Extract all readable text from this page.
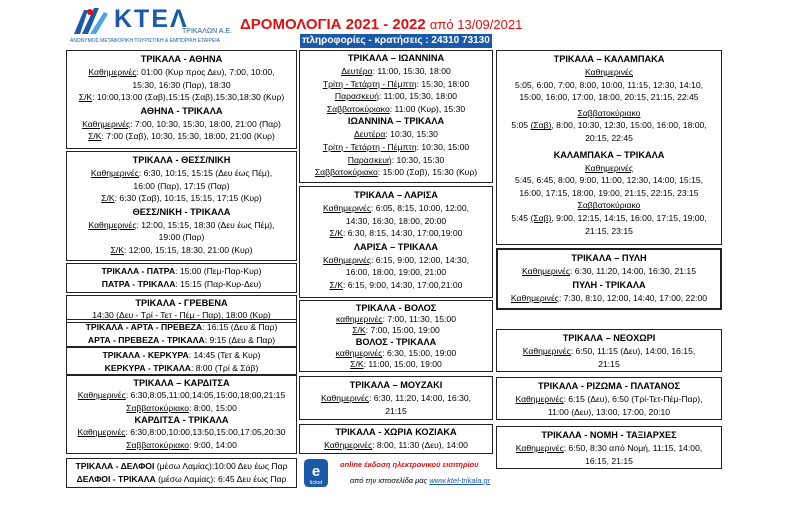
ΚΤΕΛ
ΤΡΙΚΑΛΩΝ Α.Ε.
ΑΝΩΝΥΜΟΣ ΜΕΤΑΦΟΡΙΚΗ ΤΟΥΡΙΣΤΙΚΗ & ΕΜΠΟΡΙΚΗ ΕΤΑΙΡΕΙΑ
ΔΡΟΜΟΛΟΓΙΑ 2021 - 2022 από 13/09/2021
πληροφορίες - κρατήσεις : 24310 73130
ΤΡΙΚΑΛΑ - ΑΘΗΝΑ
Καθημερινές: 01:00 (Κυρ προς Δευ), 7:00, 10:00,
15:30, 16:30 (Παρ), 18:30
Σ/Κ: 10:00,13:00 (Σαβ),15:15 (Σαβ),15:30,18:30 (Κυρ)
ΑΘΗΝΑ - ΤΡΙΚΑΛΑ
Καθημερινές: 7:00, 10:30, 15:30, 18:00, 21:00 (Παρ)
Σ/Κ: 7:00 (Σαβ), 10:30, 15:30, 18:00, 21:00 (Κυρ)
ΤΡΙΚΑΛΑ - ΘΕΣΣ/ΝΙΚΗ
Καθημερινές: 6:30, 10:15, 15:15 (Δευ έως Πέμ),
16:00 (Παρ), 17:15 (Παρ)
Σ/Κ: 6:30 (Σαβ), 10:15, 15:15, 17:15 (Κυρ)
ΘΕΣΣ/ΝΙΚΗ - ΤΡΙΚΑΛΑ
Καθημερινές: 12:00, 15:15, 18:30 (Δευ έως Πέμ),
19:00 (Παρ)
Σ/Κ: 12:00, 15:15, 18:30, 21:00 (Κυρ)
ΤΡΙΚΑΛΑ - ΠΑΤΡΑ: 15:00 (Πεμ-Παρ-Κυρ)
ΠΑΤΡΑ - ΤΡΙΚΑΛΑ: 15:15 (Παρ-Κυρ-Δευ)
ΤΡΙΚΑΛΑ - ΓΡΕΒΕΝΑ
14:30 (Δευ - Τρί - Τετ - Πέμ - Παρ), 18:00 (Κυρ)
ΤΡΙΚΑΛΑ - ΑΡΤΑ - ΠΡΕΒΕΖΑ: 16:15 (Δευ & Παρ)
ΑΡΤΑ - ΠΡΕΒΕΖΑ - ΤΡΙΚΑΛΑ: 9:15 (Δευ & Παρ)
ΤΡΙΚΑΛΑ - ΚΕΡΚΥΡΑ: 14:45 (Τετ & Κυρ)
ΚΕΡΚΥΡΑ - ΤΡΙΚΑΛΑ: 8:00 (Τρί & Σάβ)
ΤΡΙΚΑΛΑ – ΚΑΡΔΙΤΣΑ
Καθημερινές: 6:30,8:05,11:00,14:05,15:00,18:00,21:15
Σαββατοκύριακο: 8:00, 15:00
ΚΑΡΔΙΤΣΑ - ΤΡΙΚΑΛΑ
Καθημερινές: 6:30,8:00,10:00,13:50,15:00,17:05,20:30
Σαββατοκύριακο: 9:00, 14:00
ΤΡΙΚΑΛΑ - ΔΕΛΦΟΙ (μέσω Λαμίας):10:00 Δευ έως Παρ
ΔΕΛΦΟΙ - ΤΡΙΚΑΛΑ (μέσω Λαμίας): 6:45 Δευ έως Παρ
ΤΡΙΚΑΛΑ – ΙΩΑΝΝΙΝΑ
Δευτέρα: 11:00, 15:30, 18:00
Τρίτη - Τετάρτη - Πέμπτη: 15:30, 18:00
Παρασκευή: 11:00, 15:30, 18:00
Σαββατοκύριακο: 11:00 (Κυρ), 15:30
ΙΩΑΝΝΙΝΑ – ΤΡΙΚΑΛΑ
Δευτέρα: 10:30, 15:30
Τρίτη - Τετάρτη - Πέμπτη: 10:30, 15:00
Παρασκευή: 10:30, 15:30
Σαββατοκύριακο: 15:00 (Σαβ), 15:30 (Κυρ)
ΤΡΙΚΑΛΑ – ΛΑΡΙΣΑ
Καθημερινές: 6:05, 8:15, 10:00, 12:00,
14:30, 16:30, 18:00, 20:00
Σ/Κ: 6:30, 8:15, 14:30, 17:00,19:00
ΛΑΡΙΣΑ – ΤΡΙΚΑΛΑ
Καθημερινές: 6:15, 9:00, 12:00, 14:30,
16:00, 18:00, 19:00, 21:00
Σ/Κ: 6:15, 9:00, 14:30, 17:00,21:00
ΤΡΙΚΑΛΑ - ΒΟΛΟΣ
καθημερινές: 7:00, 11:30, 15:00
Σ/Κ: 7:00, 15:00, 19:00
ΒΟΛΟΣ - ΤΡΙΚΑΛΑ
καθημερινές: 6:30, 15:00, 19:00
Σ/Κ: 11:00, 15:00, 19:00
ΤΡΙΚΑΛΑ – ΜΟΥΖΑΚΙ
Καθημερινές: 6:30, 11:20, 14:00, 16:30,
21:15
ΤΡΙΚΑΛΑ - ΧΩΡΙΑ ΚΟΖΙΑΚΑ
Καθημερινές: 8:00, 11:30 (Δευ), 14:00
e
ticket
online έκδοση ηλεκτρονικού εισιτηρίου
από την ιστοσελίδα μας www.ktel-trikala.gr
ΤΡΙΚΑΛΑ – ΚΑΛΑΜΠΑΚΑ
Καθημερινές
5:05, 6:00, 7:00, 8:00, 10:00, 11:15, 12:30, 14:10,
15:00, 16:00, 17:00, 18:00, 20:15, 21:15, 22:45
Σαββατοκύριακο
5:05 (Σαβ), 8:00, 10:30, 12:30, 15:00, 16:00, 18:00,
20:15, 22:45
ΚΑΛΑΜΠΑΚΑ – ΤΡΙΚΑΛΑ
Καθημερινές
5:45, 6:45, 8:00, 9:00, 11:00, 12:30, 14:00, 15:15,
16:00, 17:15, 18:00, 19:00, 21:15, 22:15, 23:15
Σαββατοκύριακο
5:45 (Σαβ), 9:00, 12:15, 14:15, 16:00, 17:15, 19:00,
21:15, 23:15
ΤΡΙΚΑΛΑ – ΠΥΛΗ
Καθημερινές: 6:30, 11:20, 14:00, 16:30, 21:15
ΠΥΛΗ - ΤΡΙΚΑΛΑ
Καθημερινές: 7:30, 8:10, 12:00, 14:40, 17:00, 22:00
ΤΡΙΚΑΛΑ – ΝΕΟΧΩΡΙ
Καθημερινές: 6:50, 11:15 (Δευ), 14:00, 16:15,
21:15
ΤΡΙΚΑΛΑ - ΡΙΖΩΜΑ - ΠΛΑΤΑΝΟΣ
Καθημερινές: 6:15 (Δευ), 6:50 (Τρί-Τετ-Πέμ-Παρ),
11:00 (Δευ), 13:00, 17:00, 20:10
ΤΡΙΚΑΛΑ - ΝΟΜΗ - ΤΑΞΙΑΡΧΕΣ
Καθημερινές: 6:50, 8:30 από Νομή, 11:15, 14:00,
16:15, 21:15
